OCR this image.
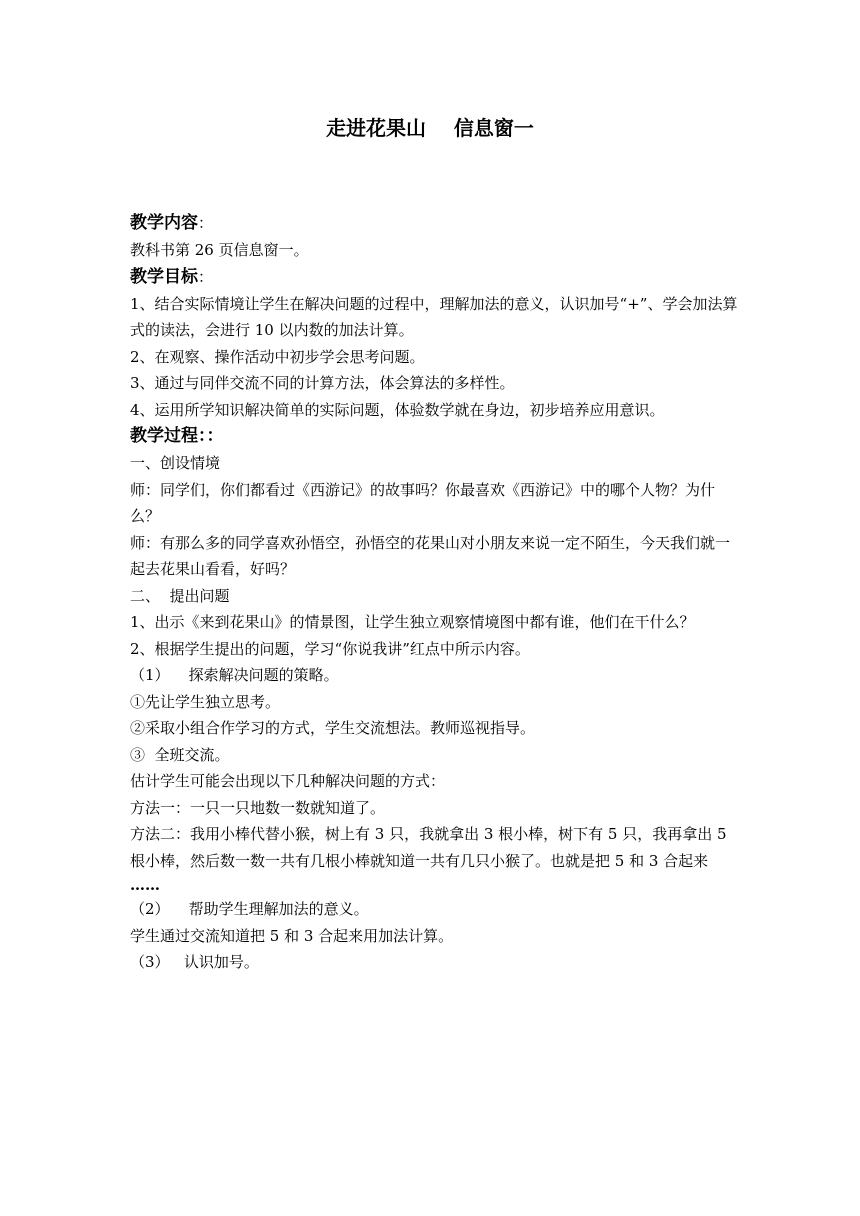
走进花果山    信息窗一

教学内容：

教科书第 26 页信息窗一。

教学目标：

1、结合实际情境让学生在解决问题的过程中，理解加法的意义，认识加号“+”、学会加法算式的读法，会进行 10 以内数的加法计算。

2、在观察、操作活动中初步学会思考问题。

3、通过与同伴交流不同的计算方法，体会算法的多样性。

4、运用所学知识解决简单的实际问题，体验数学就在身边，初步培养应用意识。

教学过程：：

一、创设情境

师：同学们，你们都看过《西游记》的故事吗？你最喜欢《西游记》中的哪个人物？为什么？

师：有那么多的同学喜欢孙悟空，孙悟空的花果山对小朋友来说一定不陌生，今天我们就一起去花果山看看，好吗？

二、  提出问题

1、出示《来到花果山》的情景图，让学生独立观察情境图中都有谁，他们在干什么？

2、根据学生提出的问题，学习“你说我讲”红点中所示内容。

（1）    探索解决问题的策略。

①先让学生独立思考。

②采取小组合作学习的方式，学生交流想法。教师巡视指导。

③  全班交流。

估计学生可能会出现以下几种解决问题的方式：

方法一：一只一只地数一数就知道了。

方法二：我用小棒代替小猴，树上有 3 只，我就拿出 3 根小棒，树下有 5 只，我再拿出 5 根小棒，然后数一数一共有几根小棒就知道一共有几只小猴了。也就是把 5 和 3 合起来

……

（2）    帮助学生理解加法的意义。

学生通过交流知道把 5 和 3 合起来用加法计算。

（3）   认识加号。
